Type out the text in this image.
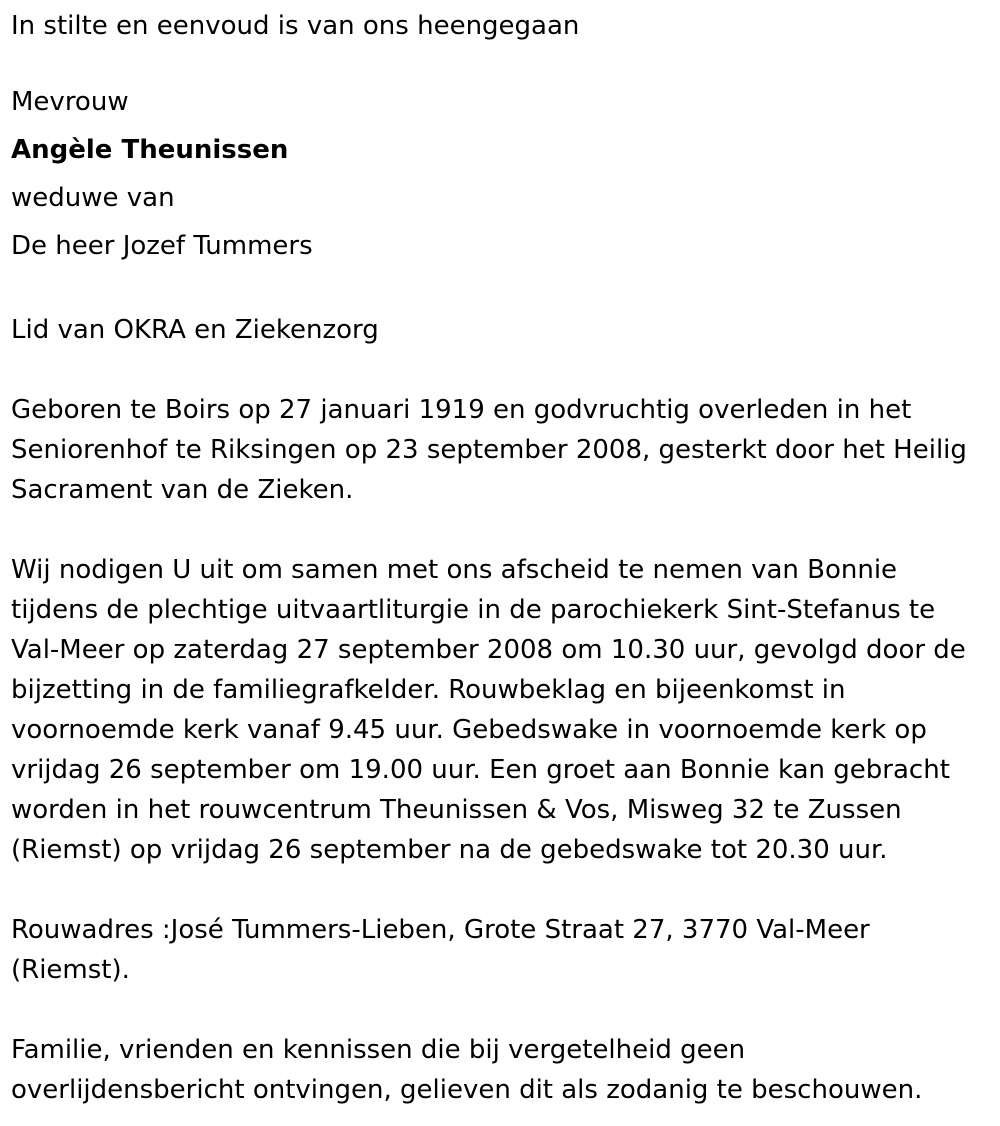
In stilte en eenvoud is van ons heengegaan

Mevrouw

Angèle Theunissen

weduwe van

De heer Jozef Tummers

Lid van OKRA en Ziekenzorg

Geboren te Boirs op 27 januari 1919 en godvruchtig overleden in het
Seniorenhof te Riksingen op 23 september 2008, gesterkt door het Heilig
Sacrament van de Zieken.
Wij nodigen U uit om samen met ons afscheid te nemen van Bonnie
tijdens de plechtige uitvaartliturgie in de parochiekerk Sint-Stefanus te
Val-Meer op zaterdag 27 september 2008 om 10.30 uur, gevolgd door de
bijzetting in de familiegrafkelder. Rouwbeklag en bijeenkomst in
voornoemde kerk vanaf 9.45 uur. Gebedswake in voornoemde kerk op
vrijdag 26 september om 19.00 uur. Een groet aan Bonnie kan gebracht
worden in het rouwcentrum Theunissen & Vos, Misweg 32 te Zussen
(Riemst) op vrijdag 26 september na de gebedswake tot 20.30 uur.
Rouwadres :José Tummers-Lieben, Grote Straat 27, 3770 Val-Meer
(Riemst).
Familie, vrienden en kennissen die bij vergetelheid geen
overlijdensbericht ontvingen, gelieven dit als zodanig te beschouwen.
